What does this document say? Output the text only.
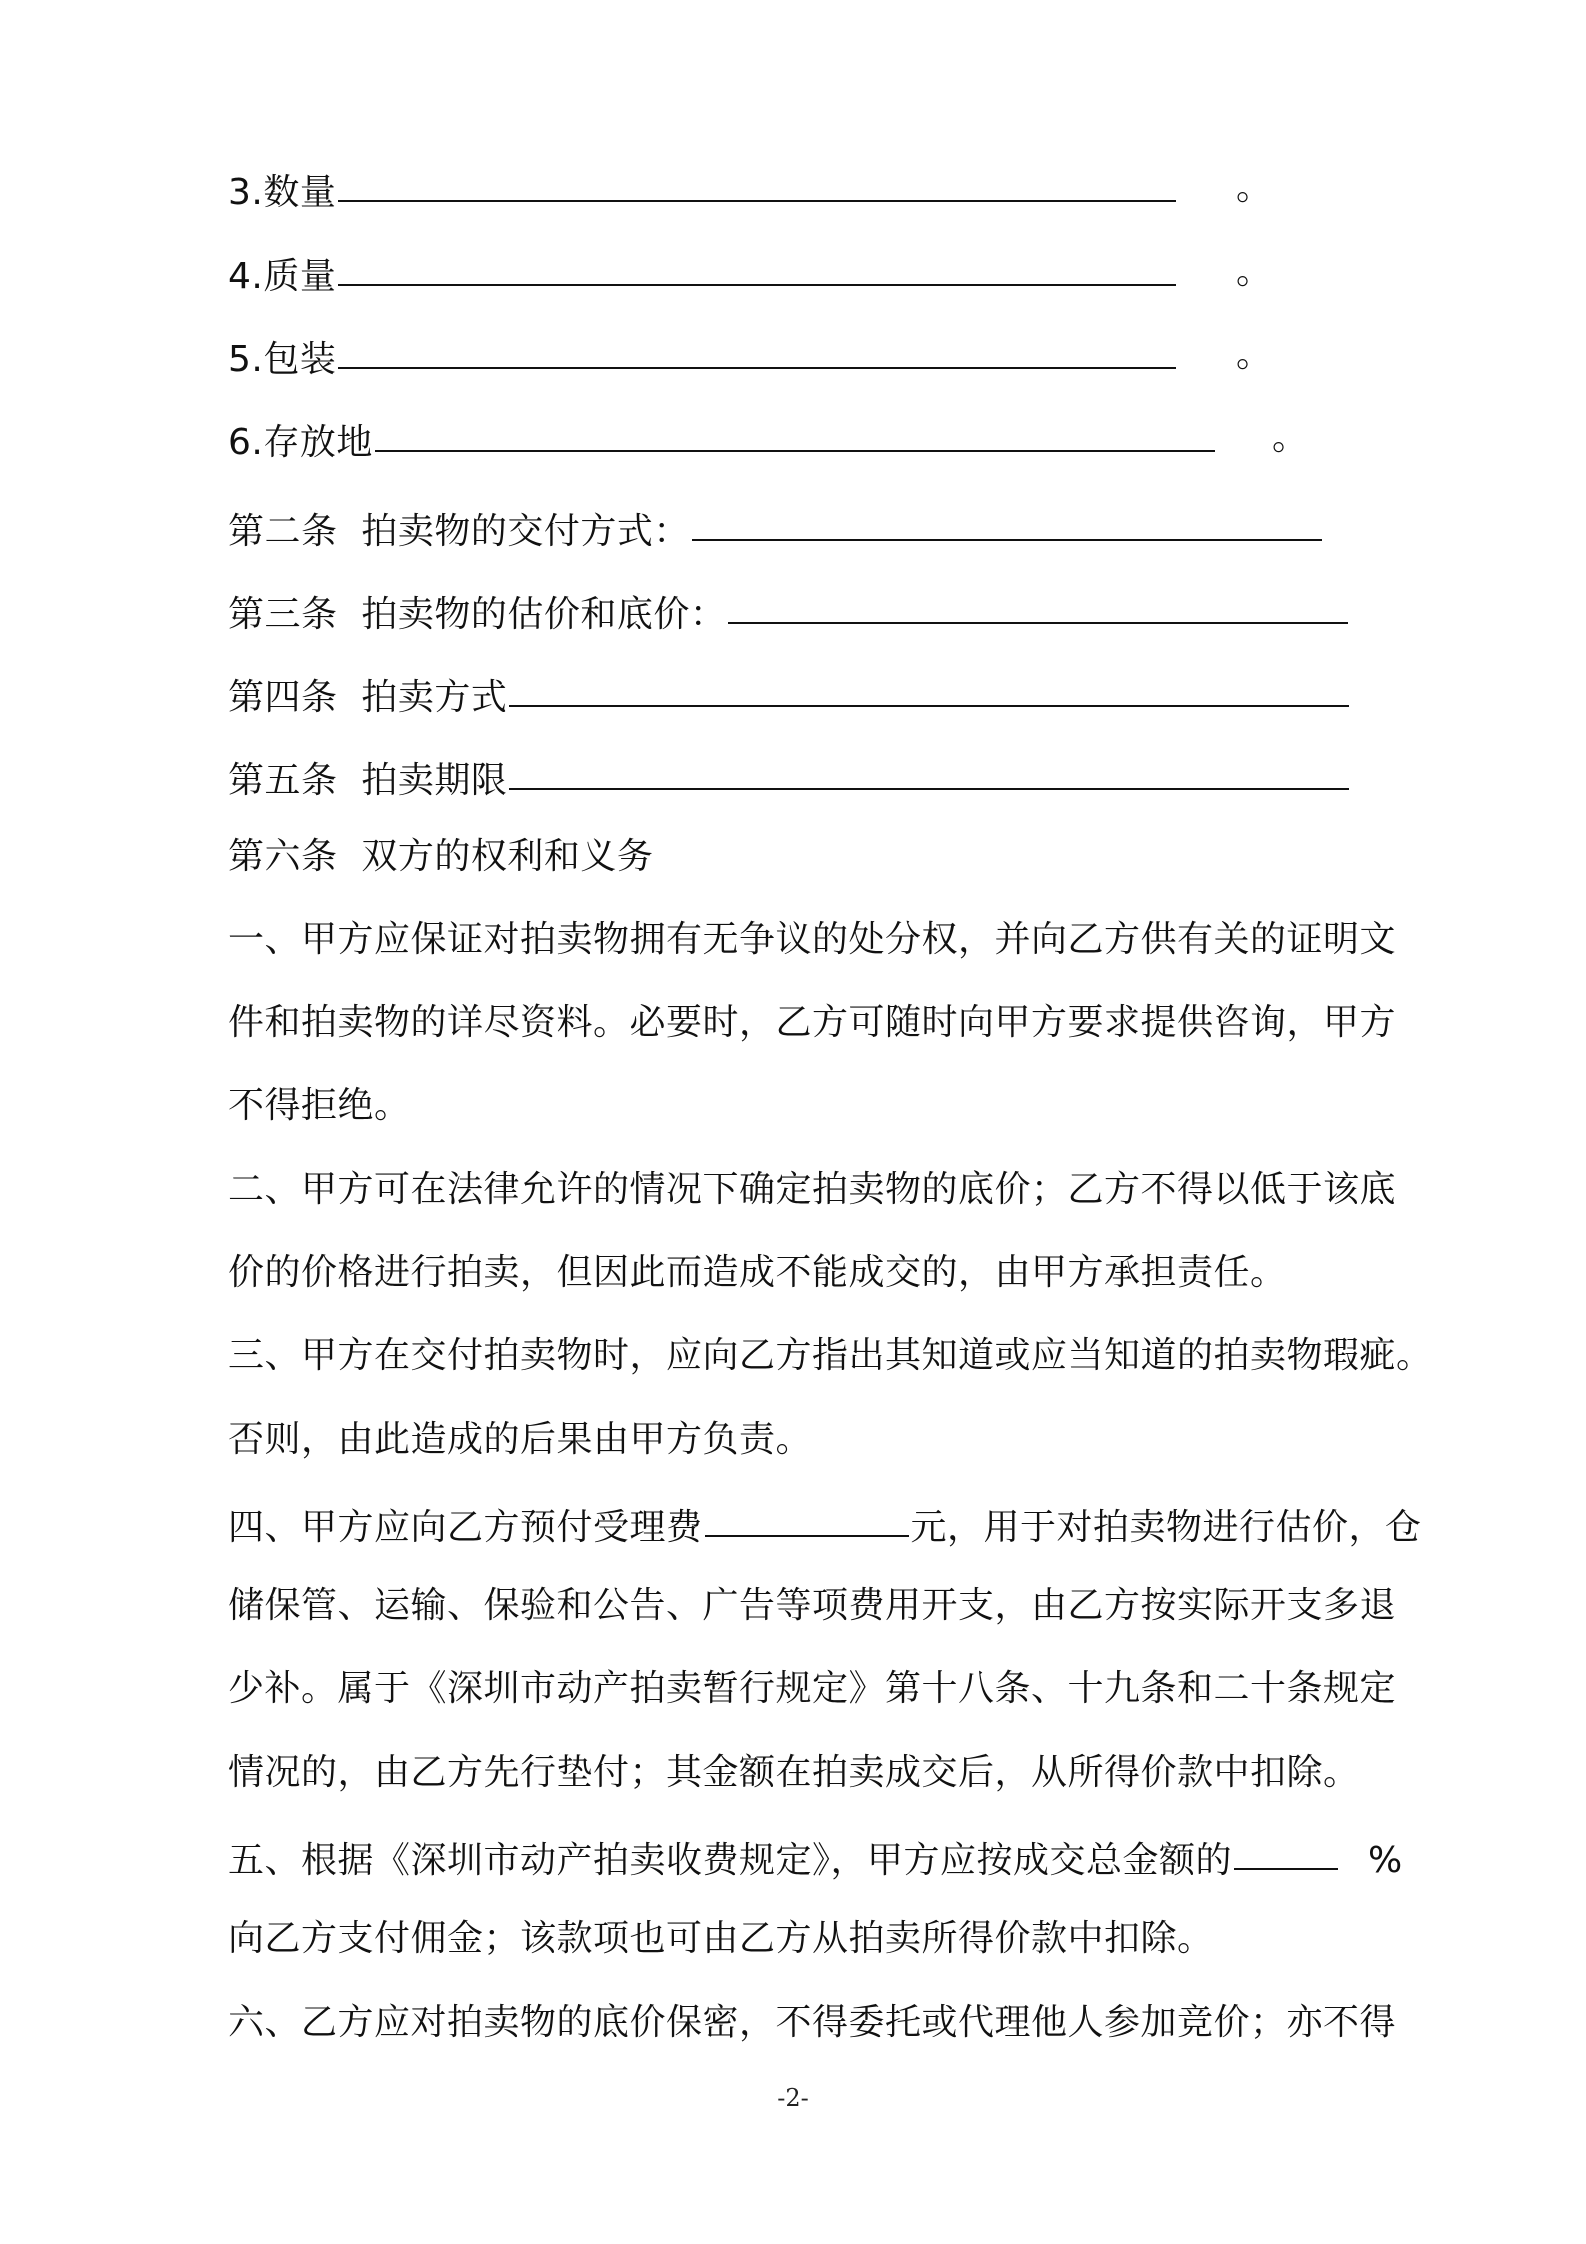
3.数量	。
4.质量	。
5.包装	。
6.存放地	。
第二条
拍卖物的交付方式：
第三条
拍卖物的估价和底价：
第四条
拍卖方式
第五条
拍卖期限
第六条  双方的权利和义务
一、甲方应保证对拍卖物拥有无争议的处分权，并向乙方供有关的证明文
件和拍卖物的详尽资料。必要时，乙方可随时向甲方要求提供咨询，甲方
不得拒绝。
二、甲方可在法律允许的情况下确定拍卖物的底价；乙方不得以低于该底
价的价格进行拍卖，但因此而造成不能成交的，由甲方承担责任。
三、甲方在交付拍卖物时，应向乙方指出其知道或应当知道的拍卖物瑕疵。
否则，由此造成的后果由甲方负责。
四、甲方应向乙方预付受理费	元，用于对拍卖物进行估价，仓
储保管、运输、保验和公告、广告等项费用开支，由乙方按实际开支多退
少补。属于《深圳市动产拍卖暂行规定》第十八条、十九条和二十条规定
情况的，由乙方先行垫付；其金额在拍卖成交后，从所得价款中扣除。
五、根据《深圳市动产拍卖收费规定》，甲方应按成交总金额的	%
向乙方支付佣金；该款项也可由乙方从拍卖所得价款中扣除。
六、乙方应对拍卖物的底价保密，不得委托或代理他人参加竞价；亦不得
-2-
